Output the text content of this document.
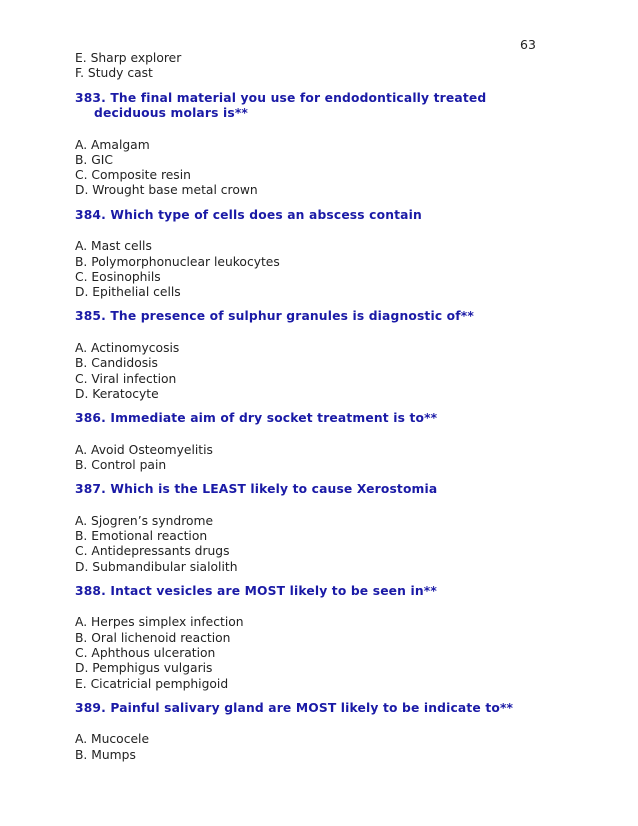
63
E. Sharp explorer
F. Study cast
383. The final material you use for endodontically treated
deciduous molars is**
A. Amalgam
B. GIC
C. Composite resin
D. Wrought base metal crown
384. Which type of cells does an abscess contain
A. Mast cells
B. Polymorphonuclear leukocytes
C. Eosinophils
D. Epithelial cells
385. The presence of sulphur granules is diagnostic of**
A. Actinomycosis
B. Candidosis
C. Viral infection
D. Keratocyte
386. Immediate aim of dry socket treatment is to**
A. Avoid Osteomyelitis
B. Control pain
387. Which is the LEAST likely to cause Xerostomia
A. Sjogren’s syndrome
B. Emotional reaction
C. Antidepressants drugs
D. Submandibular sialolith
388. Intact vesicles are MOST likely to be seen in**
A. Herpes simplex infection
B. Oral lichenoid reaction
C. Aphthous ulceration
D. Pemphigus vulgaris
E. Cicatricial pemphigoid
389. Painful salivary gland are MOST likely to be indicate to**
A. Mucocele
B. Mumps
